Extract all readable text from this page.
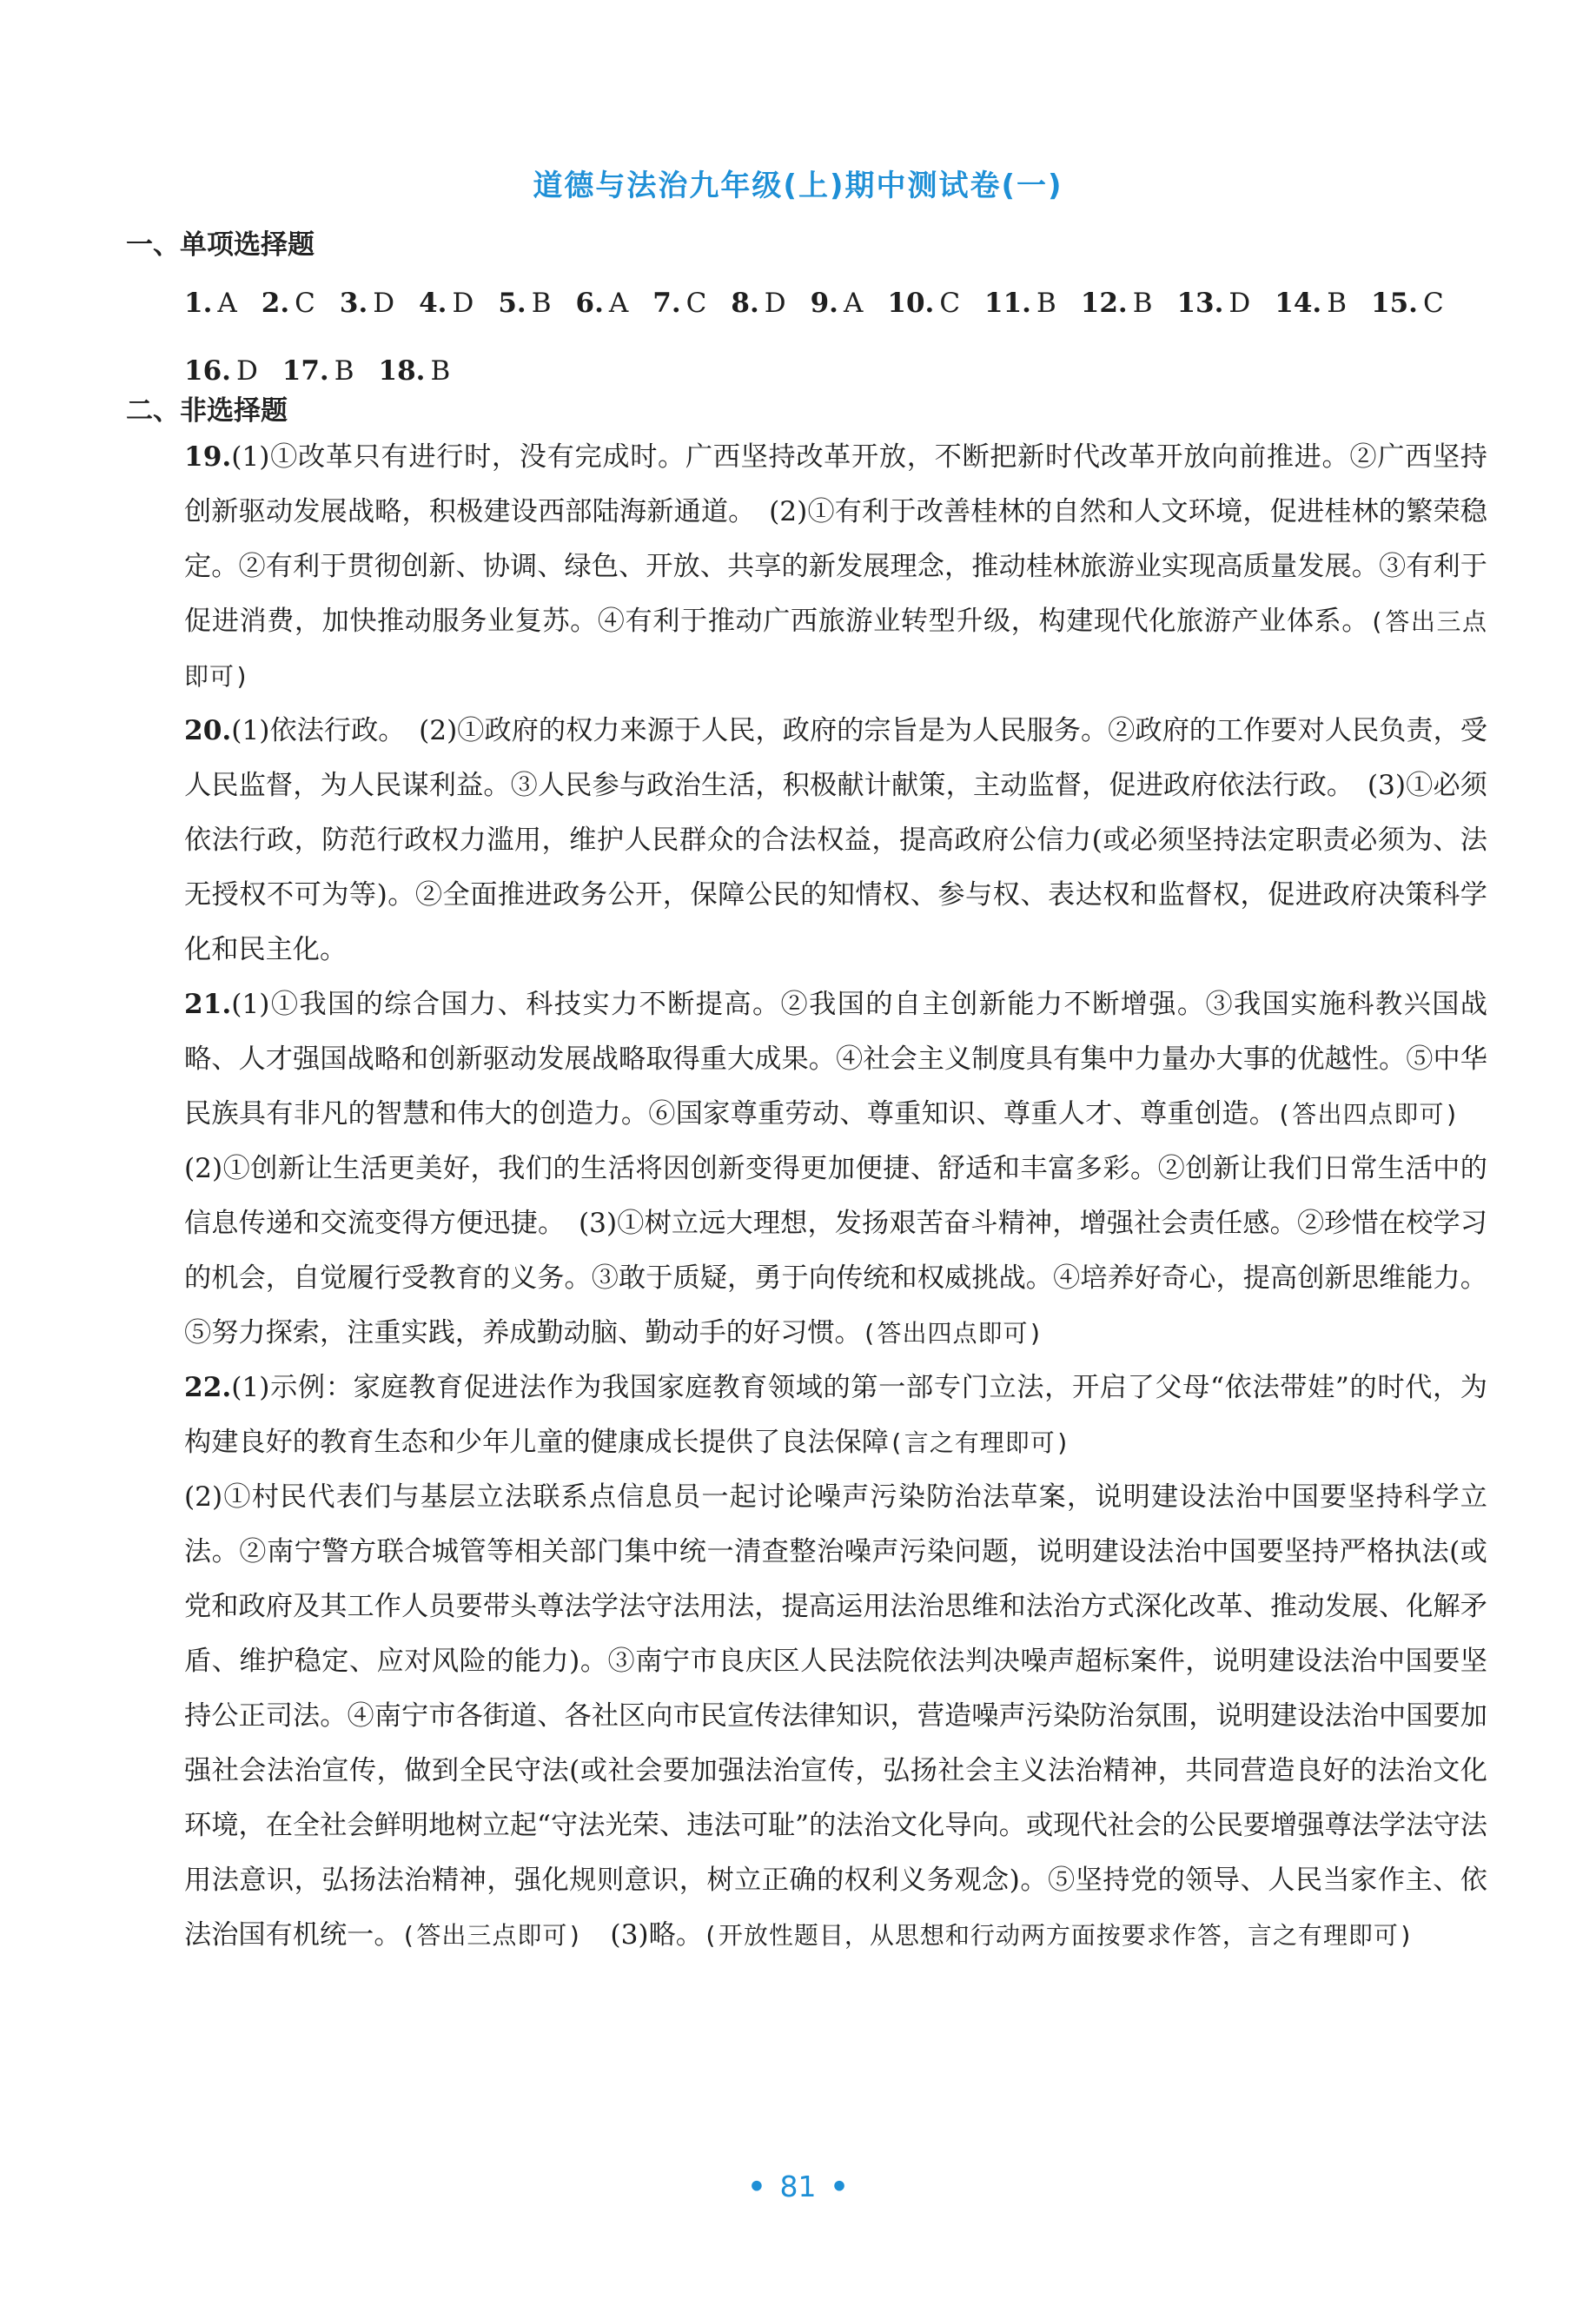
道德与法治九年级(上)期中测试卷(一)
一、单项选择题
1. A 2. C 3. D 4. D 5. B 6. A 7. C 8. D 9. A 10. C 11. B 12. B 13. D 14. B 15. C
16. D 17. B 18. B
二、非选择题

19.(1)①改革只有进行时，没有完成时。广西坚持改革开放，不断把新时代改革开放向前推进。②广西坚持创新驱动发展战略，积极建设西部陆海新通道。　(2)①有利于改善桂林的自然和人文环境，促进桂林的繁荣稳定。②有利于贯彻创新、协调、绿色、开放、共享的新发展理念，推动桂林旅游业实现高质量发展。③有利于促进消费，加快推动服务业复苏。④有利于推动广西旅游业转型升级，构建现代化旅游产业体系。(答出三点即可)

20.(1)依法行政。　(2)①政府的权力来源于人民，政府的宗旨是为人民服务。②政府的工作要对人民负责，受人民监督，为人民谋利益。③人民参与政治生活，积极献计献策，主动监督，促进政府依法行政。　(3)①必须依法行政，防范行政权力滥用，维护人民群众的合法权益，提高政府公信力(或必须坚持法定职责必须为、法无授权不可为等)。②全面推进政务公开，保障公民的知情权、参与权、表达权和监督权，促进政府决策科学化和民主化。

21.(1)①我国的综合国力、科技实力不断提高。②我国的自主创新能力不断增强。③我国实施科教兴国战略、人才强国战略和创新驱动发展战略取得重大成果。④社会主义制度具有集中力量办大事的优越性。⑤中华民族具有非凡的智慧和伟大的创造力。⑥国家尊重劳动、尊重知识、尊重人才、尊重创造。(答出四点即可)　(2)①创新让生活更美好，我们的生活将因创新变得更加便捷、舒适和丰富多彩。②创新让我们日常生活中的信息传递和交流变得方便迅捷。　(3)①树立远大理想，发扬艰苦奋斗精神，增强社会责任感。②珍惜在校学习的机会，自觉履行受教育的义务。③敢于质疑，勇于向传统和权威挑战。④培养好奇心，提高创新思维能力。⑤努力探索，注重实践，养成勤动脑、勤动手的好习惯。(答出四点即可)

22.(1)示例：家庭教育促进法作为我国家庭教育领域的第一部专门立法，开启了父母“依法带娃”的时代，为构建良好的教育生态和少年儿童的健康成长提供了良法保障(言之有理即可)

(2)①村民代表们与基层立法联系点信息员一起讨论噪声污染防治法草案，说明建设法治中国要坚持科学立法。②南宁警方联合城管等相关部门集中统一清查整治噪声污染问题，说明建设法治中国要坚持严格执法(或党和政府及其工作人员要带头尊法学法守法用法，提高运用法治思维和法治方式深化改革、推动发展、化解矛盾、维护稳定、应对风险的能力)。③南宁市良庆区人民法院依法判决噪声超标案件，说明建设法治中国要坚持公正司法。④南宁市各街道、各社区向市民宣传法律知识，营造噪声污染防治氛围，说明建设法治中国要加强社会法治宣传，做到全民守法(或社会要加强法治宣传，弘扬社会主义法治精神，共同营造良好的法治文化环境，在全社会鲜明地树立起“守法光荣、违法可耻”的法治文化导向。或现代社会的公民要增强尊法学法守法用法意识，弘扬法治精神，强化规则意识，树立正确的权利义务观念)。⑤坚持党的领导、人民当家作主、依法治国有机统一。(答出三点即可)　(3)略。(开放性题目，从思想和行动两方面按要求作答，言之有理即可)

• 81 •
